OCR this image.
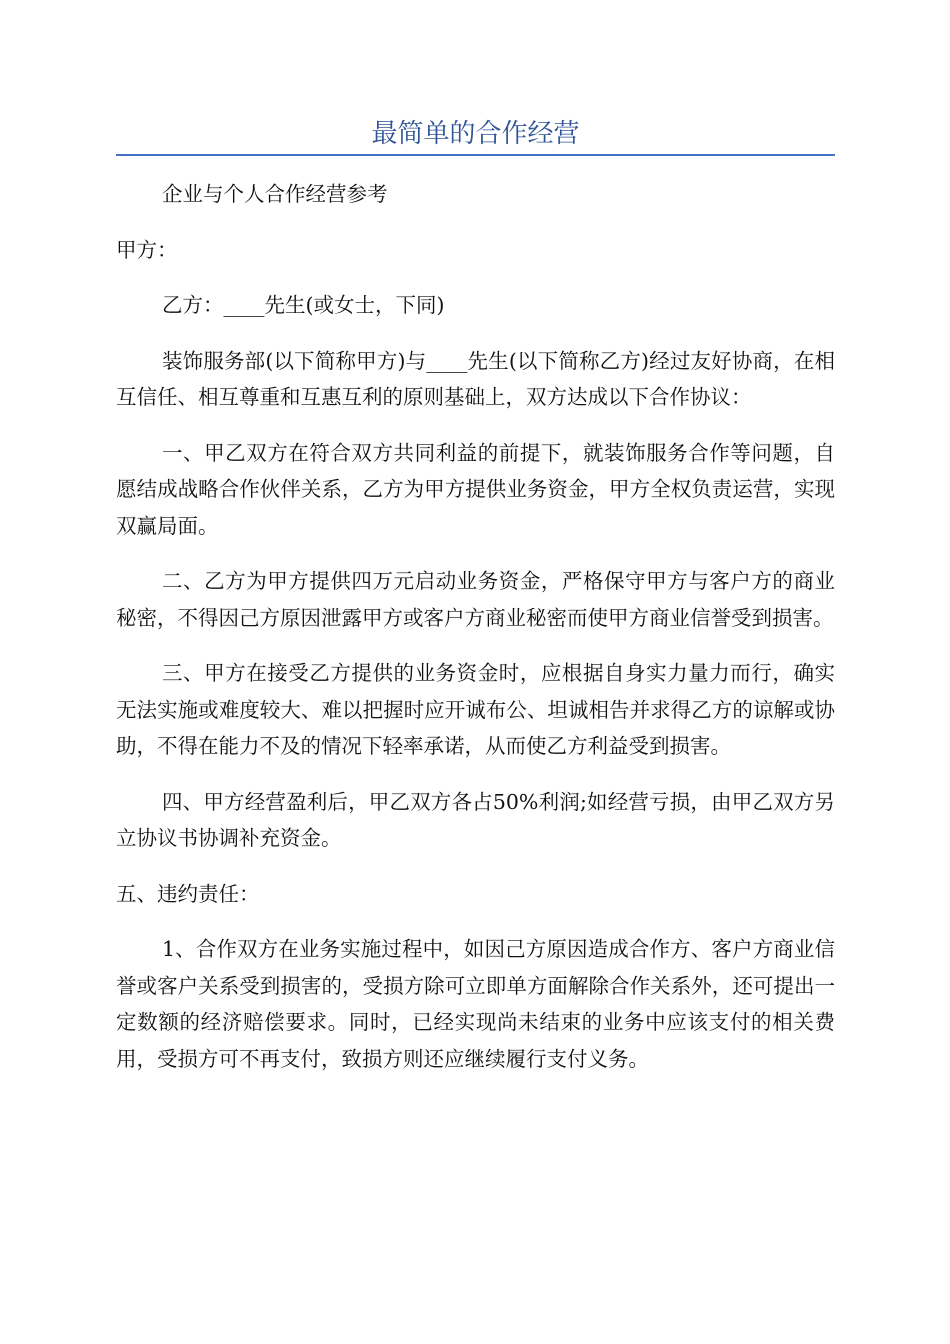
最简单的合作经营

企业与个人合作经营参考

甲方：

乙方：____先生(或女士，下同)

装饰服务部(以下简称甲方)与____先生(以下简称乙方)经过友好协商，在相互信任、相互尊重和互惠互利的原则基础上，双方达成以下合作协议：

一、甲乙双方在符合双方共同利益的前提下，就装饰服务合作等问题，自愿结成战略合作伙伴关系，乙方为甲方提供业务资金，甲方全权负责运营，实现双赢局面。

二、乙方为甲方提供四万元启动业务资金，严格保守甲方与客户方的商业秘密，不得因己方原因泄露甲方或客户方商业秘密而使甲方商业信誉受到损害。

三、甲方在接受乙方提供的业务资金时，应根据自身实力量力而行，确实无法实施或难度较大、难以把握时应开诚布公、坦诚相告并求得乙方的谅解或协助，不得在能力不及的情况下轻率承诺，从而使乙方利益受到损害。

四、甲方经营盈利后，甲乙双方各占50%利润;如经营亏损，由甲乙双方另立协议书协调补充资金。

五、违约责任：

1、合作双方在业务实施过程中，如因己方原因造成合作方、客户方商业信誉或客户关系受到损害的，受损方除可立即单方面解除合作关系外，还可提出一定数额的经济赔偿要求。同时，已经实现尚未结束的业务中应该支付的相关费用，受损方可不再支付，致损方则还应继续履行支付义务。
